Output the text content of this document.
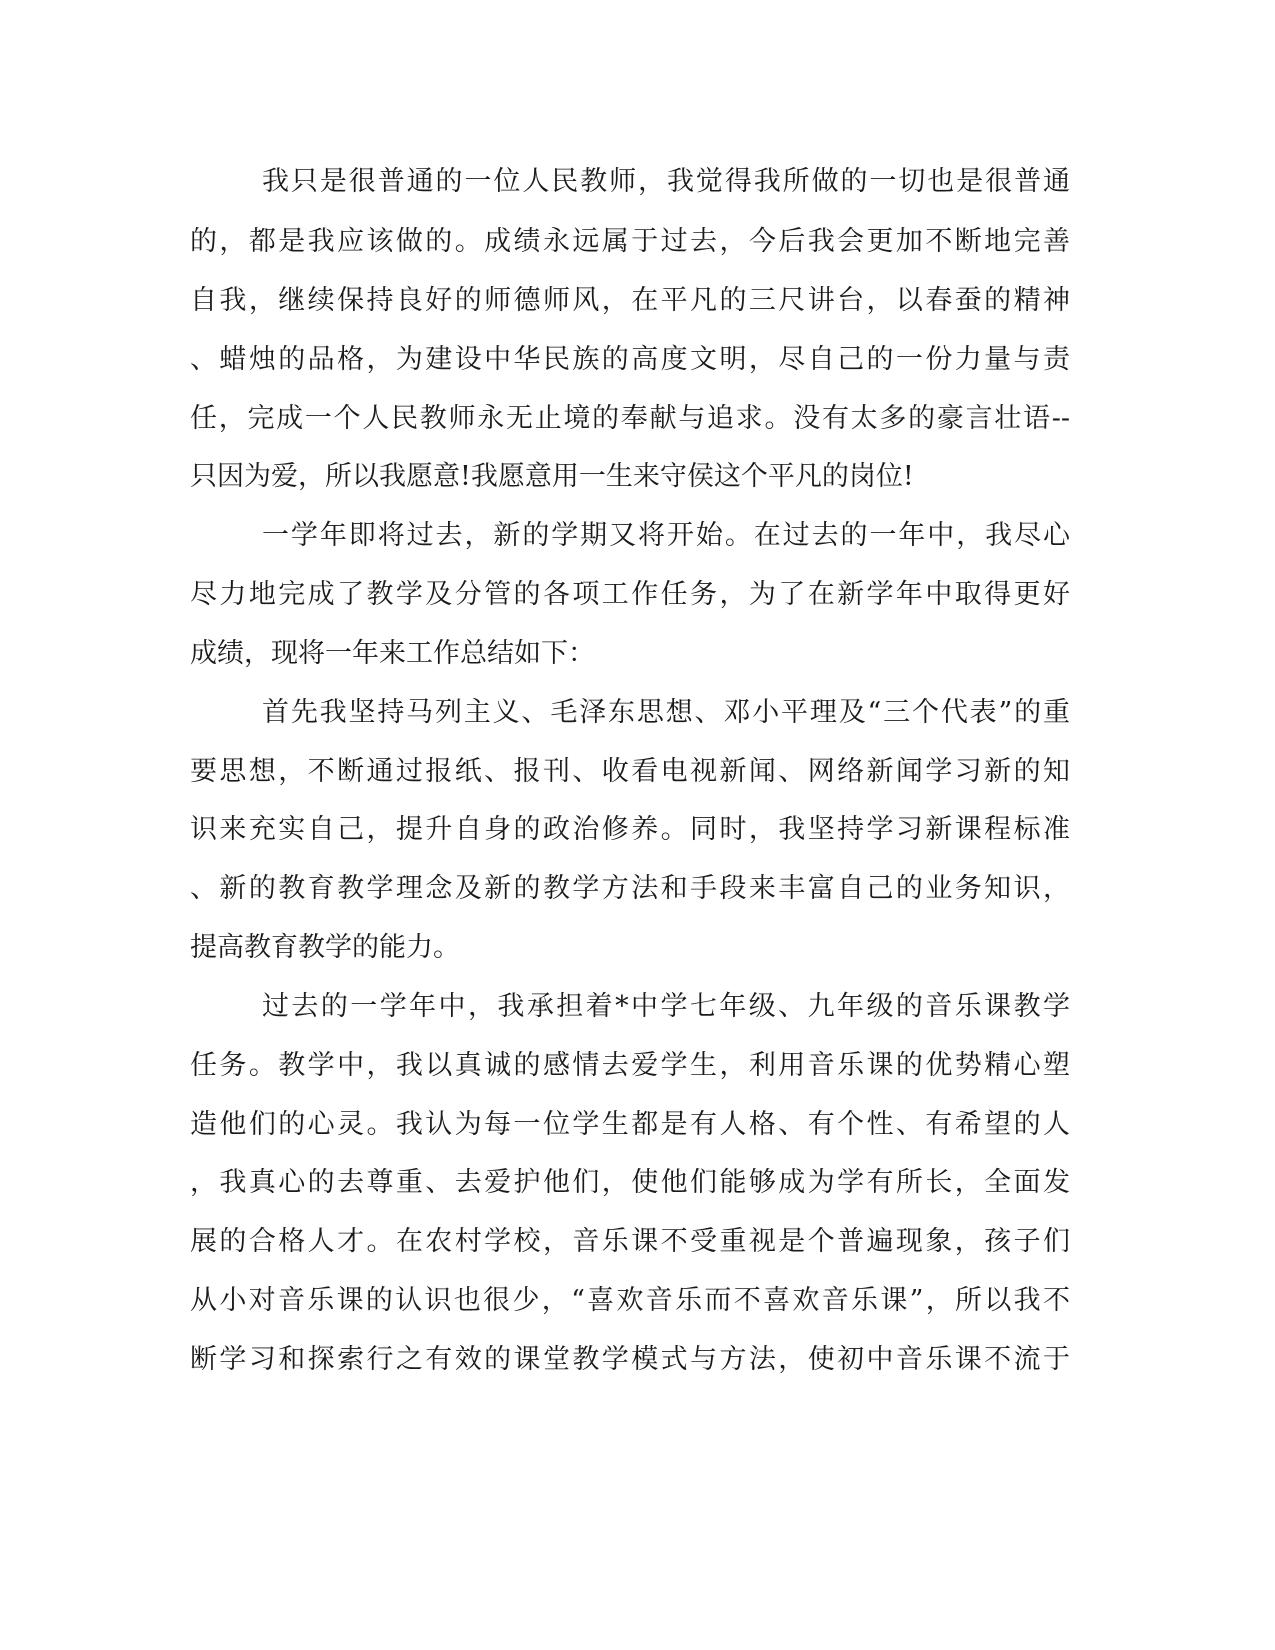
我只是很普通的一位人民教师，我觉得我所做的一切也是很普通
的，都是我应该做的。成绩永远属于过去，今后我会更加不断地完善
自我，继续保持良好的师德师风，在平凡的三尺讲台，以春蚕的精神
、蜡烛的品格，为建设中华民族的高度文明，尽自己的一份力量与责
任，完成一个人民教师永无止境的奉献与追求。没有太多的豪言壮语--
只因为爱，所以我愿意!我愿意用一生来守侯这个平凡的岗位!
一学年即将过去，新的学期又将开始。在过去的一年中，我尽心
尽力地完成了教学及分管的各项工作任务，为了在新学年中取得更好
成绩，现将一年来工作总结如下：
首先我坚持马列主义、毛泽东思想、邓小平理及“三个代表”的重
要思想，不断通过报纸、报刊、收看电视新闻、网络新闻学习新的知
识来充实自己，提升自身的政治修养。同时，我坚持学习新课程标准
、新的教育教学理念及新的教学方法和手段来丰富自己的业务知识，
提高教育教学的能力。
过去的一学年中，我承担着*中学七年级、九年级的音乐课教学
任务。教学中，我以真诚的感情去爱学生，利用音乐课的优势精心塑
造他们的心灵。我认为每一位学生都是有人格、有个性、有希望的人
，我真心的去尊重、去爱护他们，使他们能够成为学有所长，全面发
展的合格人才。在农村学校，音乐课不受重视是个普遍现象，孩子们
从小对音乐课的认识也很少，“喜欢音乐而不喜欢音乐课”，所以我不
断学习和探索行之有效的课堂教学模式与方法，使初中音乐课不流于
